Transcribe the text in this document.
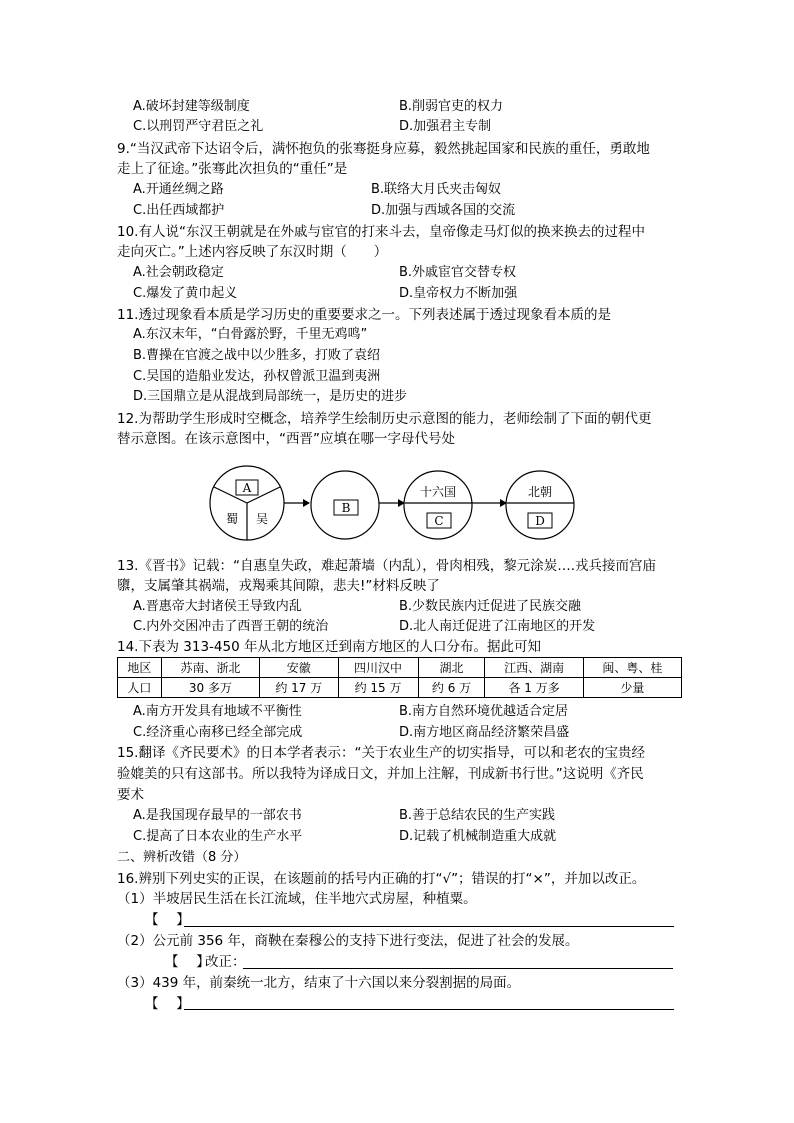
A.破坏封建等级制度	B.削弱官吏的权力
C.以刑罚严守君臣之礼	D.加强君主专制
9.“当汉武帝下达诏令后，满怀抱负的张骞挺身应募，毅然挑起国家和民族的重任，勇敢地
走上了征途。”张骞此次担负的“重任”是
A.开通丝绸之路	B.联络大月氏夹击匈奴
C.出任西域都护	D.加强与西域各国的交流
10.有人说“东汉王朝就是在外戚与宦官的打来斗去，皇帝像走马灯似的换来换去的过程中
走向灭亡。”上述内容反映了东汉时期（　　）
A.社会朝政稳定	B.外戚宦官交替专权
C.爆发了黄巾起义	D.皇帝权力不断加强
11.透过现象看本质是学习历史的重要要求之一。下列表述属于透过现象看本质的是
A.东汉末年，“白骨露於野，千里无鸡鸣”
B.曹操在官渡之战中以少胜多，打败了袁绍
C.吴国的造船业发达，孙权曾派卫温到夷洲
D.三国鼎立是从混战到局部统一，是历史的进步
12.为帮助学生形成时空概念，培养学生绘制历史示意图的能力，老师绘制了下面的朝代更
替示意图。在该示意图中，“西晋”应填在哪一字母代号处
A
蜀 吴
B
十六国
C
北朝
D
13.《晋书》记载：“自惠皇失政，难起萧墙（内乱），骨肉相残，黎元涂炭….戎兵接而宫庙
隳，支属肇其祸端，戎羯乘其间隙，悲夫!”材料反映了
A.晋惠帝大封诸侯王导致内乱	B.少数民族内迁促进了民族交融
C.内外交困冲击了西晋王朝的统治	D.北人南迁促进了江南地区的开发
14.下表为 313-450 年从北方地区迁到南方地区的人口分布。据此可知
地区	苏南、浙北	安徽	四川汉中	湖北	江西、湖南	闽、粤、桂
人口	30 多万	约 17 万	约 15 万	约 6 万	各 1 万多	少量
A.南方开发具有地域不平衡性	B.南方自然环境优越适合定居
C.经济重心南移已经全部完成	D.南方地区商品经济繁荣昌盛
15.翻译《齐民要术》的日本学者表示：“关于农业生产的切实指导，可以和老农的宝贵经
验媲美的只有这部书。所以我特为译成日文，并加上注解，刊成新书行世。”这说明《齐民
要术
A.是我国现存最早的一部农书	B.善于总结农民的生产实践
C.提高了日本农业的生产水平	D.记载了机械制造重大成就
二、辨析改错（8 分）
16.辨别下列史实的正误，在该题前的括号内正确的打“√”；错误的打“×”，并加以改正。
（1）半坡居民生活在长江流域，住半地穴式房屋，种植粟。
【　 】
（2）公元前 356 年，商鞅在秦穆公的支持下进行变法，促进了社会的发展。
【　 】
改正：
（3）439 年，前秦统一北方，结束了十六国以来分裂割据的局面。
【　 】
